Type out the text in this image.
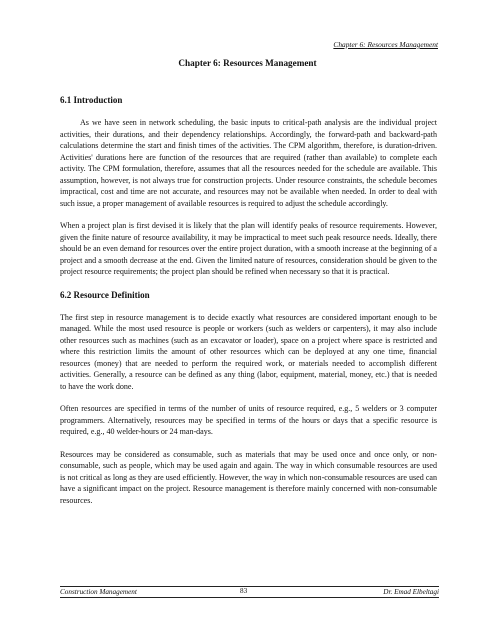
Chapter 6: Resources Management
Chapter 6: Resources Management
6.1 Introduction

As we have seen in network scheduling, the basic inputs to critical-path analysis are the individual project activities, their durations, and their dependency relationships. Accordingly, the forward-path and backward-path calculations determine the start and finish times of the activities. The CPM algorithm, therefore, is duration-driven. Activities' durations here are function of the resources that are required (rather than available) to complete each activity. The CPM formulation, therefore, assumes that all the resources needed for the schedule are available. This assumption, however, is not always true for construction projects. Under resource constraints, the schedule becomes impractical, cost and time are not accurate, and resources may not be available when needed. In order to deal with such issue, a proper management of available resources is required to adjust the schedule accordingly.

When a project plan is first devised it is likely that the plan will identify peaks of resource requirements. However, given the finite nature of resource availability, it may be impractical to meet such peak resource needs. Ideally, there should be an even demand for resources over the entire project duration, with a smooth increase at the beginning of a project and a smooth decrease at the end. Given the limited nature of resources, consideration should be given to the project resource requirements; the project plan should be refined when necessary so that it is practical.

6.2 Resource Definition

The first step in resource management is to decide exactly what resources are considered important enough to be managed. While the most used resource is people or workers (such as welders or carpenters), it may also include other resources such as machines (such as an excavator or loader), space on a project where space is restricted and where this restriction limits the amount of other resources which can be deployed at any one time, financial resources (money) that are needed to perform the required work, or materials needed to accomplish different activities. Generally, a resource can be defined as any thing (labor, equipment, material, money, etc.) that is needed to have the work done.

Often resources are specified in terms of the number of units of resource required, e.g., 5 welders or 3 computer programmers. Alternatively, resources may be specified in terms of the hours or days that a specific resource is required, e.g., 40 welder-hours or 24 man-days.

Resources may be considered as consumable, such as materials that may be used once and once only, or non-consumable, such as people, which may be used again and again. The way in which consumable resources are used is not critical as long as they are used efficiently. However, the way in which non-consumable resources are used can have a significant impact on the project. Resource management is therefore mainly concerned with non-consumable resources.

Construction Management	83	Dr. Emad Elbeltagi
